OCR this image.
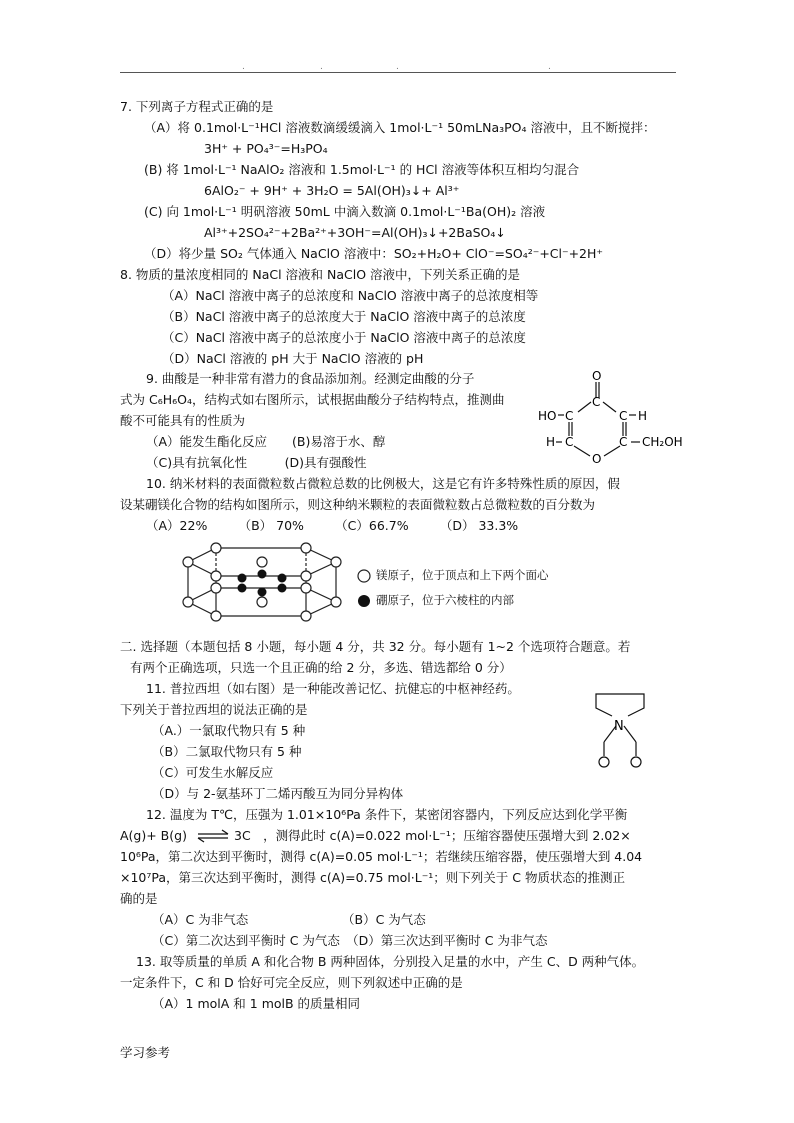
.	.	.	.
7. 下列离子方程式正确的是
（A）将 0.1mol·L⁻¹HCl 溶液数滴缓缓滴入 1mol·L⁻¹ 50mLNa₃PO₄ 溶液中，且不断搅拌：
3H⁺ + PO₄³⁻=H₃PO₄
(B) 将 1mol·L⁻¹ NaAlO₂ 溶液和 1.5mol·L⁻¹ 的 HCl 溶液等体积互相均匀混合
6AlO₂⁻ + 9H⁺ + 3H₂O = 5Al(OH)₃↓+ Al³⁺
(C) 向 1mol·L⁻¹ 明矾溶液 50mL 中滴入数滴 0.1mol·L⁻¹Ba(OH)₂ 溶液
Al³⁺+2SO₄²⁻+2Ba²⁺+3OH⁻=Al(OH)₃↓+2BaSO₄↓
（D）将少量 SO₂ 气体通入 NaClO 溶液中：SO₂+H₂O+ ClO⁻=SO₄²⁻+Cl⁻+2H⁺
8. 物质的量浓度相同的 NaCl 溶液和 NaClO 溶液中，下列关系正确的是
（A）NaCl 溶液中离子的总浓度和 NaClO 溶液中离子的总浓度相等
（B）NaCl 溶液中离子的总浓度大于 NaClO 溶液中离子的总浓度
（C）NaCl 溶液中离子的总浓度小于 NaClO 溶液中离子的总浓度
（D）NaCl 溶液的 pH 大于 NaClO 溶液的 pH
9. 曲酸是一种非常有潜力的食品添加剂。经测定曲酸的分子
式为 C₆H₆O₄，结构式如右图所示，试根据曲酸分子结构特点，推测曲
酸不可能具有的性质为
（A）能发生酯化反应　　(B)易溶于水、醇
（C)具有抗氧化性　　　(D)具有强酸性
O
C
HO C	C H
H C	C CH₂OH
O
10. 纳米材料的表面微粒数占微粒总数的比例极大，这是它有许多特殊性质的原因，假
设某硼镁化合物的结构如图所示，则这种纳米颗粒的表面微粒数占总微粒数的百分数为
（A）22%　　　（B） 70%　　　（C）66.7%　　　（D） 33.3%
镁原子，位于顶点和上下两个面心
硼原子，位于六棱柱的内部
二. 选择题（本题包括 8 小题，每小题 4 分，共 32 分。每小题有 1~2 个选项符合题意。若
有两个正确选项，只选一个且正确的给 2 分，多选、错选都给 0 分）
11. 普拉西坦（如右图）是一种能改善记忆、抗健忘的中枢神经药。
下列关于普拉西坦的说法正确的是
（A.）一氯取代物只有 5 种
（B）二氯取代物只有 5 种
（C）可发生水解反应
（D）与 2-氨基环丁二烯丙酸互为同分异构体
N
12. 温度为 T℃，压强为 1.01×10⁶Pa 条件下，某密闭容器内，下列反应达到化学平衡
A(g)+ B(g) ⇌ 3C　，测得此时 c(A)=0.022 mol·L⁻¹；压缩容器使压强增大到 2.02×
10⁶Pa，第二次达到平衡时，测得 c(A)=0.05 mol·L⁻¹；若继续压缩容器，使压强增大到 4.04
×10⁷Pa，第三次达到平衡时，测得 c(A)=0.75 mol·L⁻¹；则下列关于 C 物质状态的推测正
确的是
（A）C 为非气态　　　　　　　　（B）C 为气态
（C）第二次达到平衡时 C 为气态　（D）第三次达到平衡时 C 为非气态
13. 取等质量的单质 A 和化合物 B 两种固体，分别投入足量的水中，产生 C、D 两种气体。
一定条件下，C 和 D 恰好可完全反应，则下列叙述中正确的是
（A）1 molA 和 1 molB 的质量相同
学习参考
